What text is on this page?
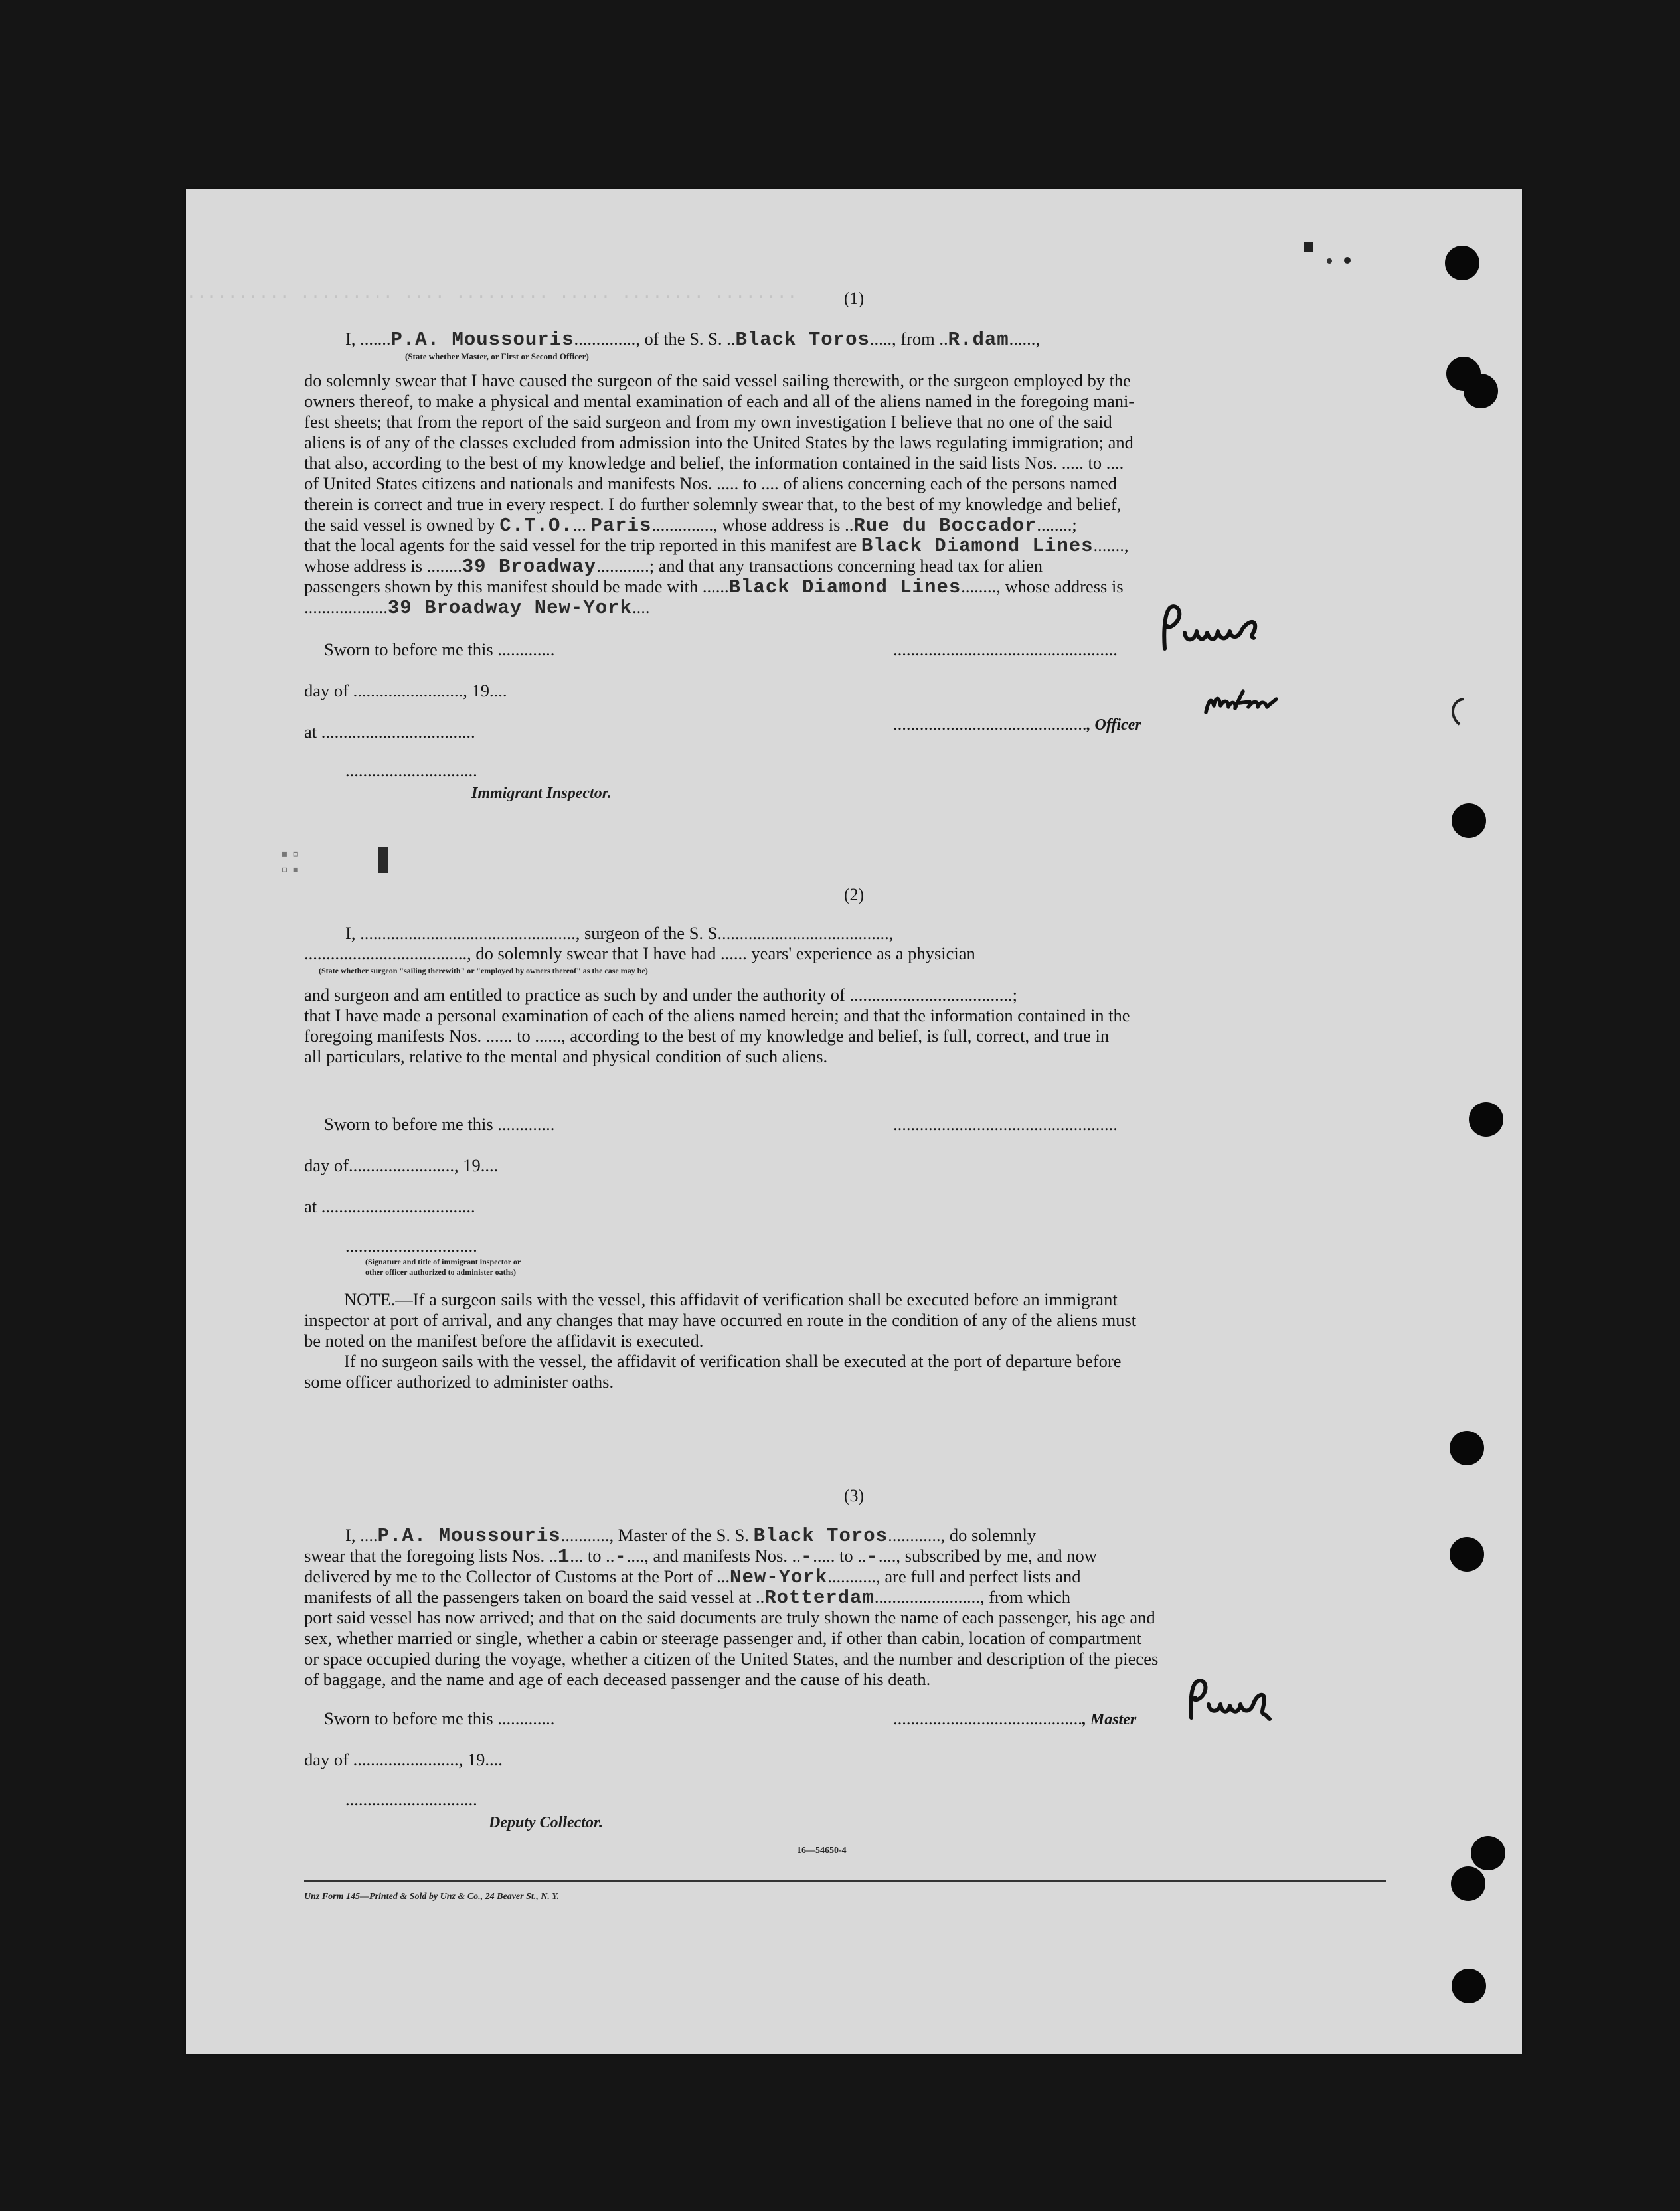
.......... ......... .... ......... ..... ........ ........	(1)
I, .......P.A. Moussouris.............., of the S. S. ..Black Toros....., from ..R.dam......,
(State whether Master, or First or Second Officer)
do solemnly swear that I have caused the surgeon of the said vessel sailing therewith, or the surgeon employed by the
owners thereof, to make a physical and mental examination of each and all of the aliens named in the foregoing mani-
fest sheets; that from the report of the said surgeon and from my own investigation I believe that no one of the said
aliens is of any of the classes excluded from admission into the United States by the laws regulating immigration; and
that also, according to the best of my knowledge and belief, the information contained in the said lists Nos. ..... to ....
of United States citizens and nationals and manifests Nos. ..... to .... of aliens concerning each of the persons named
therein is correct and true in every respect. I do further solemnly swear that, to the best of my knowledge and belief,
the said vessel is owned by C.T.O.... Paris.............., whose address is ..Rue du Boccador........;
that the local agents for the said vessel for the trip reported in this manifest are Black Diamond Lines.......,
whose address is ........39 Broadway............; and that any transactions concerning head tax for alien
passengers shown by this manifest should be made with ......Black Diamond Lines........, whose address is
...................39 Broadway New-York....
Sworn to before me this .............
day of ........................., 19....
at ...................................
..............................
Immigrant Inspector.
...................................................
............................................, Officer
▪▫
▫▪
(2)
I, ................................................., surgeon of the S. S.......................................,
....................................., do solemnly swear that I have had ...... years' experience as a physician
(State whether surgeon "sailing therewith" or "employed by owners thereof" as the case may be)
and surgeon and am entitled to practice as such by and under the authority of .....................................;
that I have made a personal examination of each of the aliens named herein; and that the information contained in the
foregoing manifests Nos. ...... to ......, according to the best of my knowledge and belief, is full, correct, and true in
all particulars, relative to the mental and physical condition of such aliens.
Sworn to before me this .............	...................................................
day of........................, 19....
at ...................................
..............................
(Signature and title of immigrant inspector or
other officer authorized to administer oaths)
NOTE.—If a surgeon sails with the vessel, this affidavit of verification shall be executed before an immigrant
inspector at port of arrival, and any changes that may have occurred en route in the condition of any of the aliens must
be noted on the manifest before the affidavit is executed.
If no surgeon sails with the vessel, the affidavit of verification shall be executed at the port of departure before
some officer authorized to administer oaths.
(3)
I, ....P.A. Moussouris..........., Master of the S. S. Black Toros............, do solemnly
swear that the foregoing lists Nos. ..1... to ..-...., and manifests Nos. ..-..... to ..-...., subscribed by me, and now
delivered by me to the Collector of Customs at the Port of ...New-York..........., are full and perfect lists and
manifests of all the passengers taken on board the said vessel at ..Rotterdam........................, from which
port said vessel has now arrived; and that on the said documents are truly shown the name of each passenger, his age and
sex, whether married or single, whether a cabin or steerage passenger and, if other than cabin, location of compartment
or space occupied during the voyage, whether a citizen of the United States, and the number and description of the pieces
of baggage, and the name and age of each deceased passenger and the cause of his death.
Sworn to before me this .............	..........................................., Master
day of ........................, 19....
..............................
Deputy Collector.
16—54650-4
Unz Form 145—Printed & Sold by Unz & Co., 24 Beaver St., N. Y.
